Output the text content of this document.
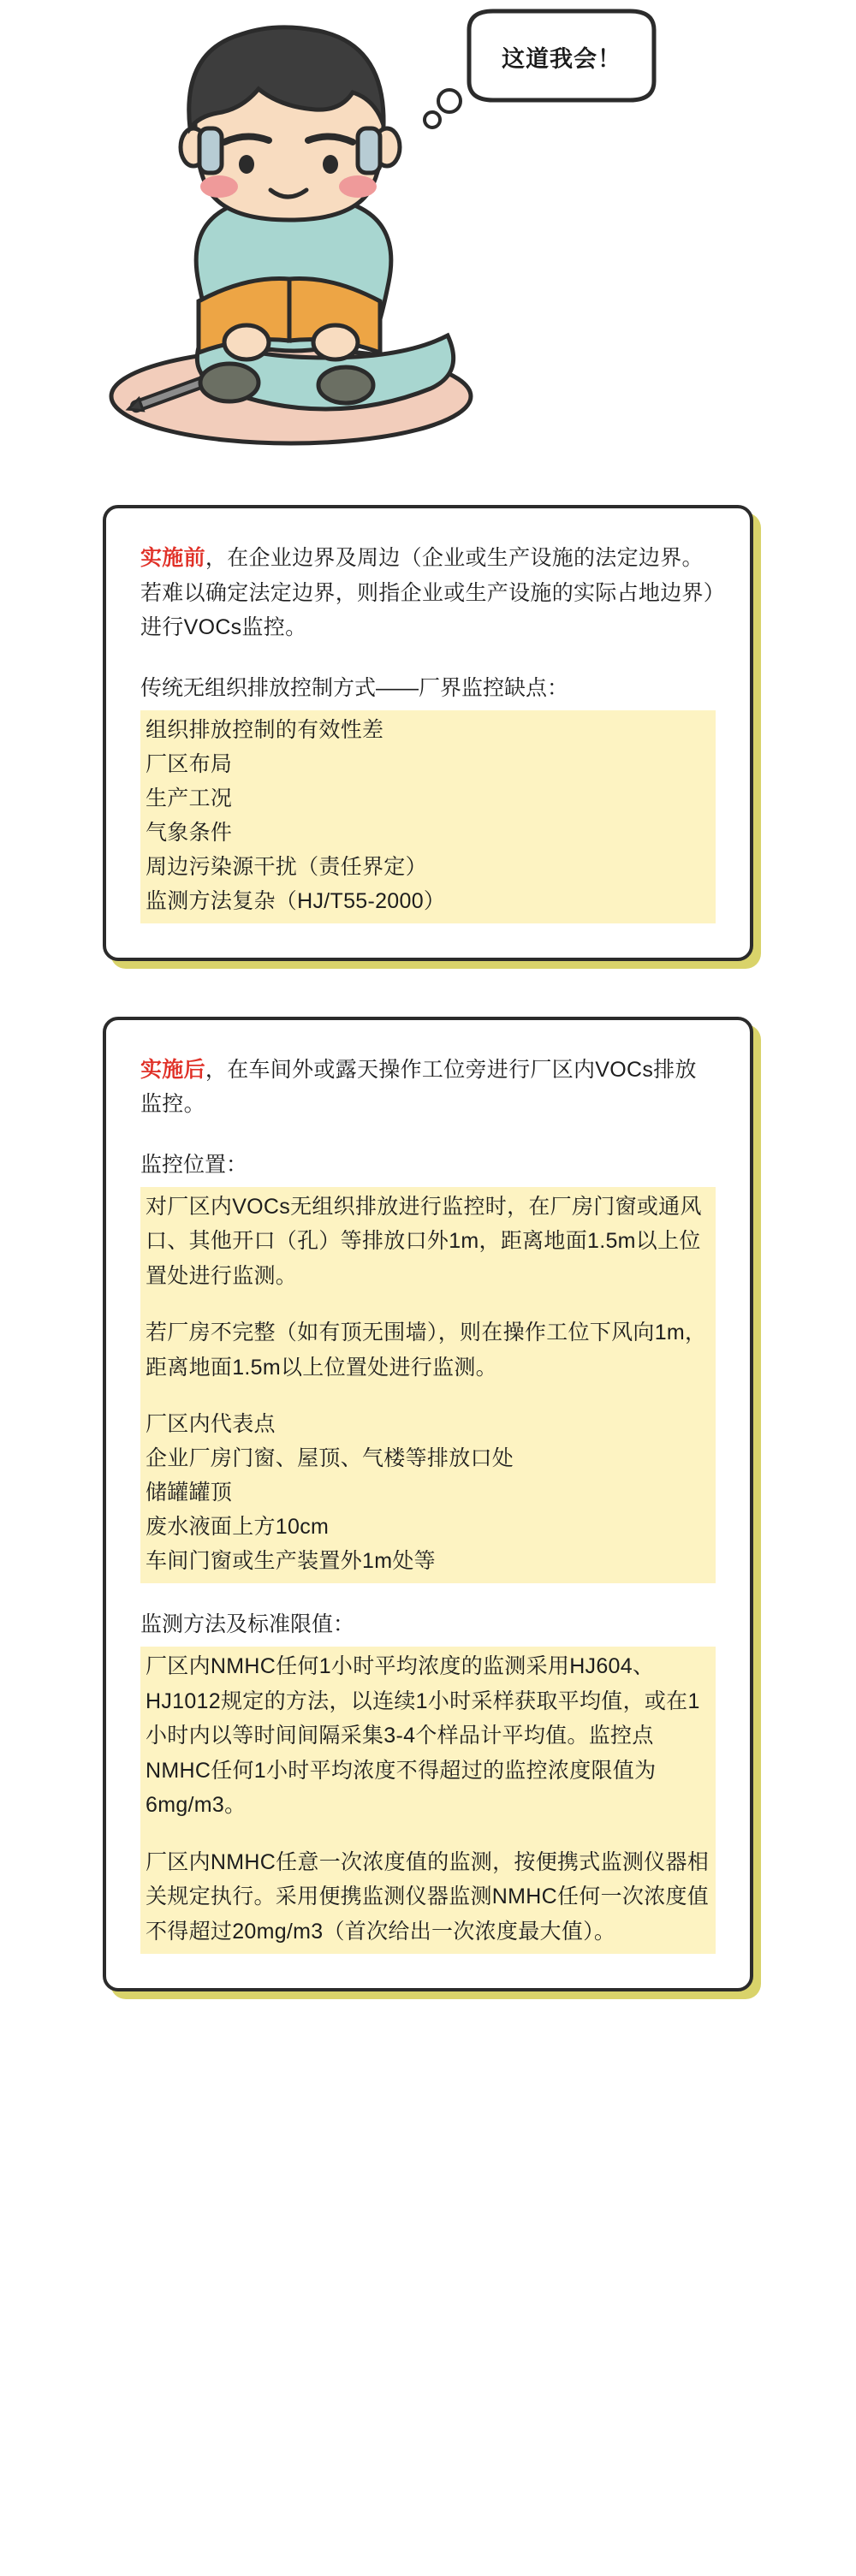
这道我会！

实施前，在企业边界及周边（企业或生产设施的法定边界。若难以确定法定边界，则指企业或生产设施的实际占地边界）进行VOCs监控。

传统无组织排放控制方式——厂界监控缺点：

组织排放控制的有效性差

厂区布局

生产工况

气象条件

周边污染源干扰（责任界定）

监测方法复杂（HJ/T55-2000）

实施后，在车间外或露天操作工位旁进行厂区内VOCs排放监控。

监控位置：

对厂区内VOCs无组织排放进行监控时，在厂房门窗或通风口、其他开口（孔）等排放口外1m，距离地面1.5m以上位置处进行监测。

若厂房不完整（如有顶无围墙），则在操作工位下风向1m，距离地面1.5m以上位置处进行监测。

厂区内代表点

企业厂房门窗、屋顶、气楼等排放口处

储罐罐顶

废水液面上方10cm

车间门窗或生产装置外1m处等

监测方法及标准限值：

厂区内NMHC任何1小时平均浓度的监测采用HJ604、HJ1012规定的方法，以连续1小时采样获取平均值，或在1小时内以等时间间隔采集3-4个样品计平均值。监控点NMHC任何1小时平均浓度不得超过的监控浓度限值为6mg/m3。

厂区内NMHC任意一次浓度值的监测，按便携式监测仪器相关规定执行。采用便携监测仪器监测NMHC任何一次浓度值不得超过20mg/m3（首次给出一次浓度最大值）。
